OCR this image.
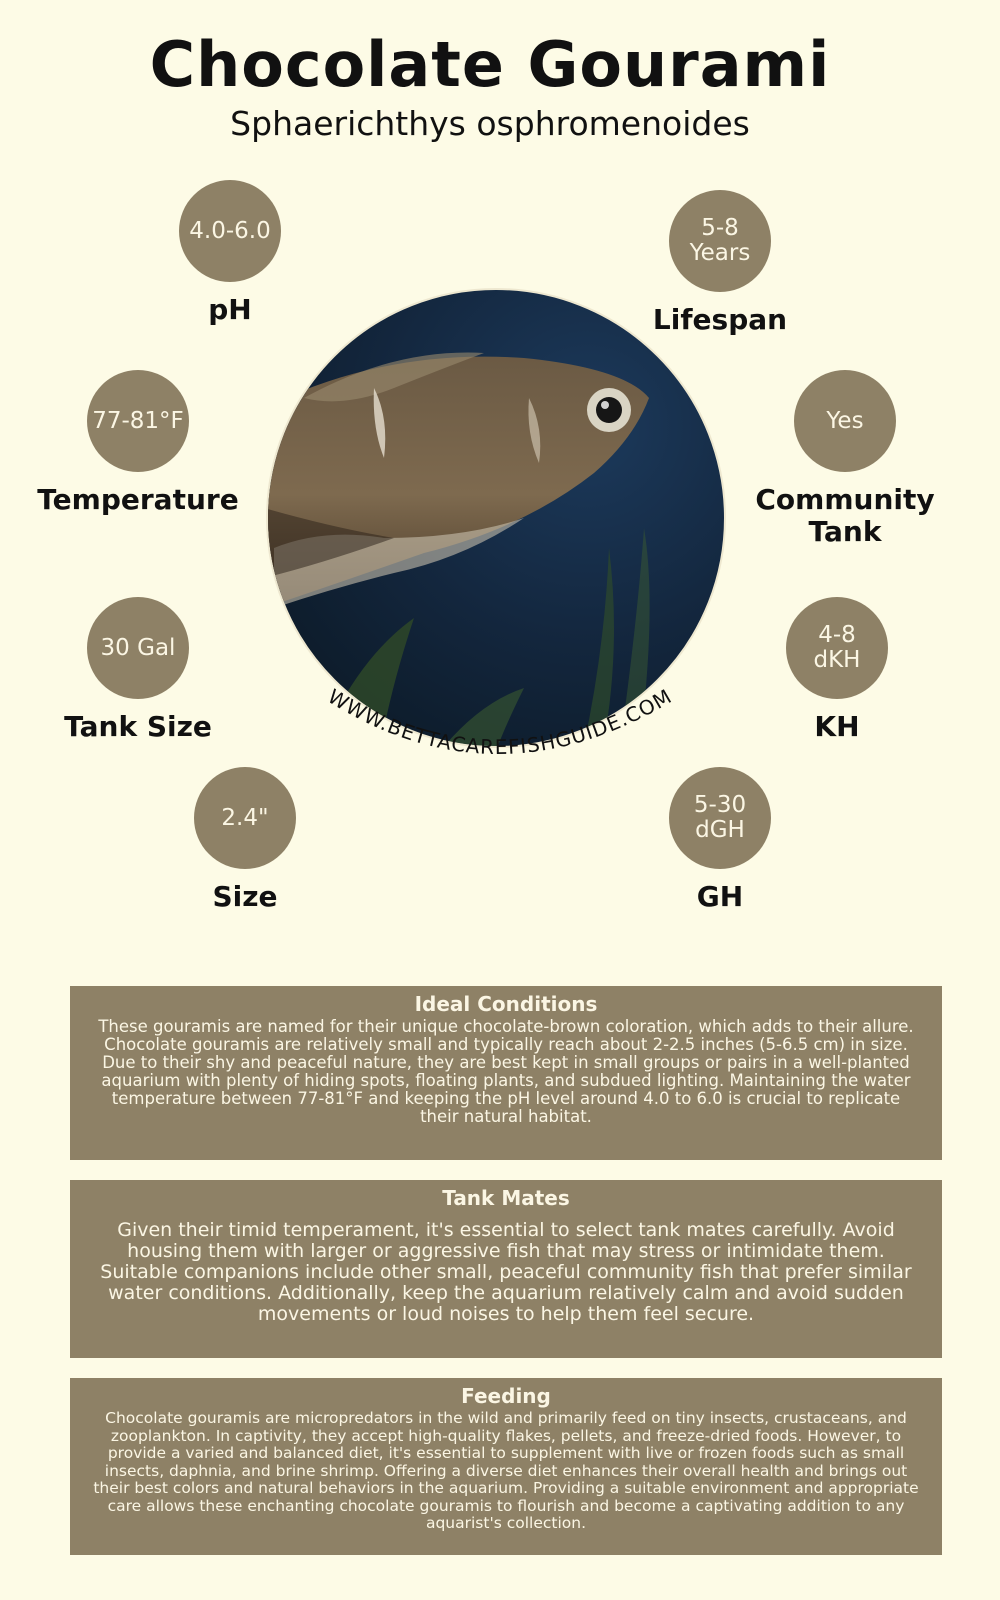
Chocolate Gourami
Sphaerichthys osphromenoides
4.0-6.0
pH
77-81°F
Temperature
30 Gal
Tank Size
2.4"
Size
5-8
Years
Lifespan
Yes
Community
Tank
4-8
dKH
KH
5-30
dGH
GH
WWW.BETTACAREFISHGUIDE.COM
Ideal Conditions

These gouramis are named for their unique chocolate-brown coloration, which adds to their allure. Chocolate gouramis are relatively small and typically reach about 2-2.5 inches (5-6.5 cm) in size. Due to their shy and peaceful nature, they are best kept in small groups or pairs in a well-planted aquarium with plenty of hiding spots, floating plants, and subdued lighting. Maintaining the water temperature between 77-81°F and keeping the pH level around 4.0 to 6.0 is crucial to replicate their natural habitat.

Tank Mates

Given their timid temperament, it's essential to select tank mates carefully. Avoid housing them with larger or aggressive fish that may stress or intimidate them. Suitable companions include other small, peaceful community fish that prefer similar water conditions. Additionally, keep the aquarium relatively calm and avoid sudden movements or loud noises to help them feel secure.

Feeding

Chocolate gouramis are micropredators in the wild and primarily feed on tiny insects, crustaceans, and zooplankton. In captivity, they accept high-quality flakes, pellets, and freeze-dried foods. However, to provide a varied and balanced diet, it's essential to supplement with live or frozen foods such as small insects, daphnia, and brine shrimp. Offering a diverse diet enhances their overall health and brings out their best colors and natural behaviors in the aquarium. Providing a suitable environment and appropriate care allows these enchanting chocolate gouramis to flourish and become a captivating addition to any aquarist's collection.
